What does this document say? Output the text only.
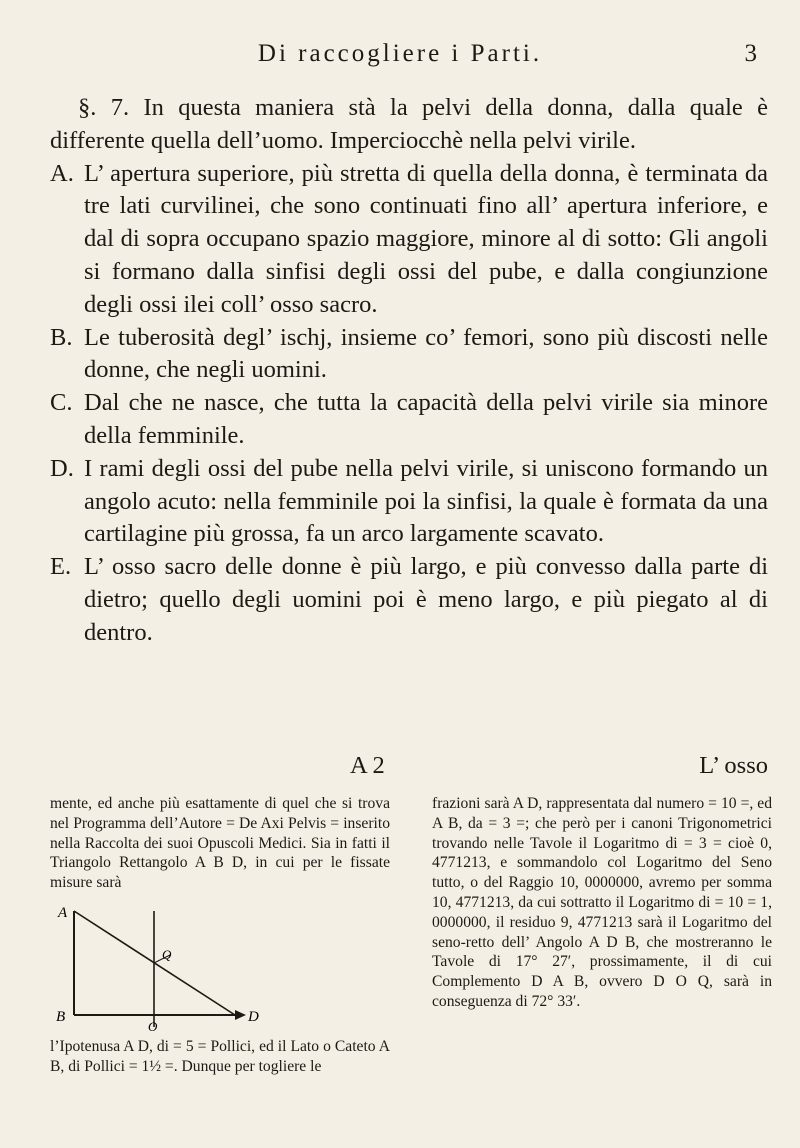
Di raccogliere i Parti.	3

§. 7. In questa maniera stà la pelvi della donna, dalla quale è differente quella dell’uomo. Imperciocchè nella pelvi virile.

A. L’ apertura superiore, più stretta di quella della donna, è terminata da tre lati curvilinei, che sono continuati fino all’ apertura inferiore, e dal di sopra occupano spazio maggiore, minore al di sotto: Gli angoli si formano dalla sinfisi degli ossi del pube, e dalla congiunzione degli ossi ilei coll’ osso sacro.

B. Le tuberosità degl’ ischj, insieme co’ femori, sono più discosti nelle donne, che negli uomini.

C. Dal che ne nasce, che tutta la capacità della pelvi virile sia minore della femminile.

D. I rami degli ossi del pube nella pelvi virile, si uniscono formando un angolo acuto: nella femminile poi la sinfisi, la quale è formata da una cartilagine più grossa, fa un arco largamente scavato.

E. L’ osso sacro delle donne è più largo, e più convesso dalla parte di dietro; quello degli uomini poi è meno largo, e più piegato al di dentro.

A 2	L’ osso

mente, ed anche più esattamente di quel che si trova nel Programma dell’Autore = De Axi Pelvis = inserito nella Raccolta dei suoi Opuscoli Medici. Sia in fatti il Triangolo Rettangolo A B D, in cui per le fissate misure sarà

A
B	D
O
Q

l’Ipotenusa A D, di = 5 = Pollici, ed il Lato o Cateto A B, di Pollici = 1½ =. Dunque per togliere le

frazioni sarà A D, rappresentata dal numero = 10 =, ed A B, da = 3 =; che però per i canoni Trigonometrici trovando nelle Tavole il Logaritmo di = 3 = cioè 0, 4771213, e sommandolo col Logaritmo del Seno tutto, o del Raggio 10, 0000000, avremo per somma 10, 4771213, da cui sottratto il Logaritmo di = 10 = 1, 0000000, il residuo 9, 4771213 sarà il Logaritmo del seno-retto dell’ Angolo A D B, che mostreranno le Tavole di 17° 27′, prossimamente, il di cui Complemento D A B, ovvero D O Q, sarà in conseguenza di 72° 33′.
